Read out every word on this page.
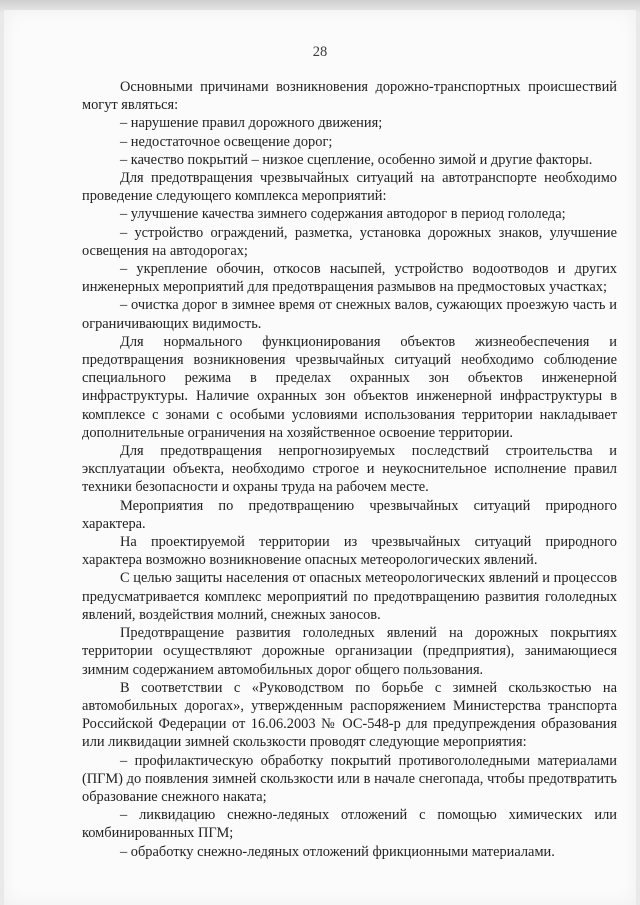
28

Основными причинами возникновения дорожно-транспортных происшествий могут являться:

– нарушение правил дорожного движения;

– недостаточное освещение дорог;

– качество покрытий – низкое сцепление, особенно зимой и другие факторы.

Для предотвращения чрезвычайных ситуаций на автотранспорте необходимо проведение следующего комплекса мероприятий:

– улучшение качества зимнего содержания автодорог в период гололеда;

– устройство ограждений, разметка, установка дорожных знаков, улучшение освещения на автодорогах;

– укрепление обочин, откосов насыпей, устройство водоотводов и других инженерных мероприятий для предотвращения размывов на предмостовых участках;

– очистка дорог в зимнее время от снежных валов, сужающих проезжую часть и ограничивающих видимость.

Для нормального функционирования объектов жизнеобеспечения и предотвращения возникновения чрезвычайных ситуаций необходимо соблюдение специального режима в пределах охранных зон объектов инженерной инфраструктуры. Наличие охранных зон объектов инженерной инфраструктуры в комплексе с зонами с особыми условиями использования территории накладывает дополнительные ограничения на хозяйственное освоение территории.

Для предотвращения непрогнозируемых последствий строительства и эксплуатации объекта, необходимо строгое и неукоснительное исполнение правил техники безопасности и охраны труда на рабочем месте.

Мероприятия по предотвращению чрезвычайных ситуаций природного характера.

На проектируемой территории из чрезвычайных ситуаций природного характера возможно возникновение опасных метеорологических явлений.

С целью защиты населения от опасных метеорологических явлений и процессов предусматривается комплекс мероприятий по предотвращению развития гололедных явлений, воздействия молний, снежных заносов.

Предотвращение развития гололедных явлений на дорожных покрытиях территории осуществляют дорожные организации (предприятия), занимающиеся зимним содержанием автомобильных дорог общего пользования.

В соответствии с «Руководством по борьбе с зимней скользкостью на автомобильных дорогах», утвержденным распоряжением Министерства транспорта Российской Федерации от 16.06.2003 № ОС-548-р для предупреждения образования или ликвидации зимней скользкости проводят следующие мероприятия:

– профилактическую обработку покрытий противогололедными материалами (ПГМ) до появления зимней скользкости или в начале снегопада, чтобы предотвратить образование снежного наката;

– ликвидацию снежно-ледяных отложений с помощью химических или комбинированных ПГМ;

– обработку снежно-ледяных отложений фрикционными материалами.
